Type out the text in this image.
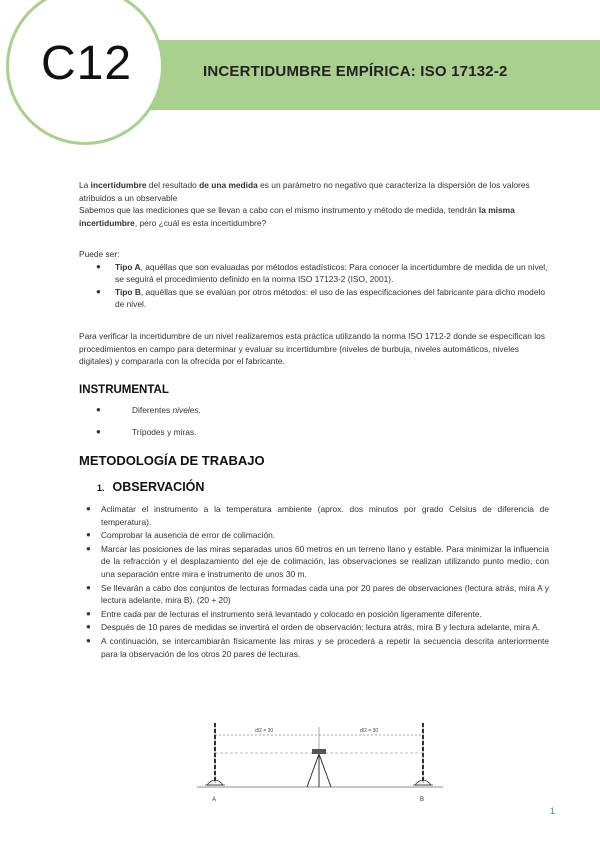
INCERTIDUMBRE EMPÍRICA: ISO 17132-2
C12

La incertidumbre del resultado de una medida es un parámetro no negativo que caracteriza la dispersión de los valores atribuidos a un observable

Sabemos que las mediciones que se llevan a cabo con el mismo instrumento y método de medida, tendrán la misma incertidumbre, pero ¿cuál es esta incertidumbre?

Puede ser:

● Tipo A, aquéllas que son evaluadas por métodos estadísticos: Para conocer la incertidumbre de medida de un nivel, se seguirá el procedimiento definido en la norma ISO 17123-2 (ISO, 2001).
● Tipo B, aquéllas que se evalúan por otros métodos: el uso de las especificaciones del fabricante para dicho modelo de nivel.
Para verificar la incertidumbre de un nivel realizaremos esta práctica utilizando la norma ISO 1712-2 donde se especifican los procedimientos en campo para determinar y evaluar su incertidumbre (niveles de burbuja, niveles automáticos, niveles digitales) y compararla con la ofrecida por el fabricante.
INSTRUMENTAL
●	Diferentes niveles.
●	Trípodes y miras.
METODOLOGÍA DE TRABAJO
1. OBSERVACIÓN
● Aclimatar el instrumento a la temperatura ambiente (aprox. dos minutos por grado Celsius de diferencia de temperatura).
● Comprobar la ausencia de error de colimación.
● Marcar las posiciones de las miras separadas unos 60 metros en un terreno llano y estable. Para minimizar la influencia de la refracción y el desplazamiento del eje de colimación, las observaciones se realizan utilizando punto medio, con una separación entre mira e instrumento de unos 30 m.
● Se llevarán a cabo dos conjuntos de lecturas formadas cada una por 20 pares de observaciones (lectura atrás, mira A y lectura adelante, mira B). (20 + 20)
● Entre cada par de lecturas el instrumento será levantado y colocado en posición ligeramente diferente.
● Después de 10 pares de medidas se invertirá el orden de observación: lectura atrás, mira B y lectura adelante, mira A.
● A continuación, se intercambiarán físicamente las miras y se procederá a repetir la secuencia descrita anteriormente para la observación de los otros 20 pares de lecturas.
d/2 = 30	d/2 = 30
A	B
1
